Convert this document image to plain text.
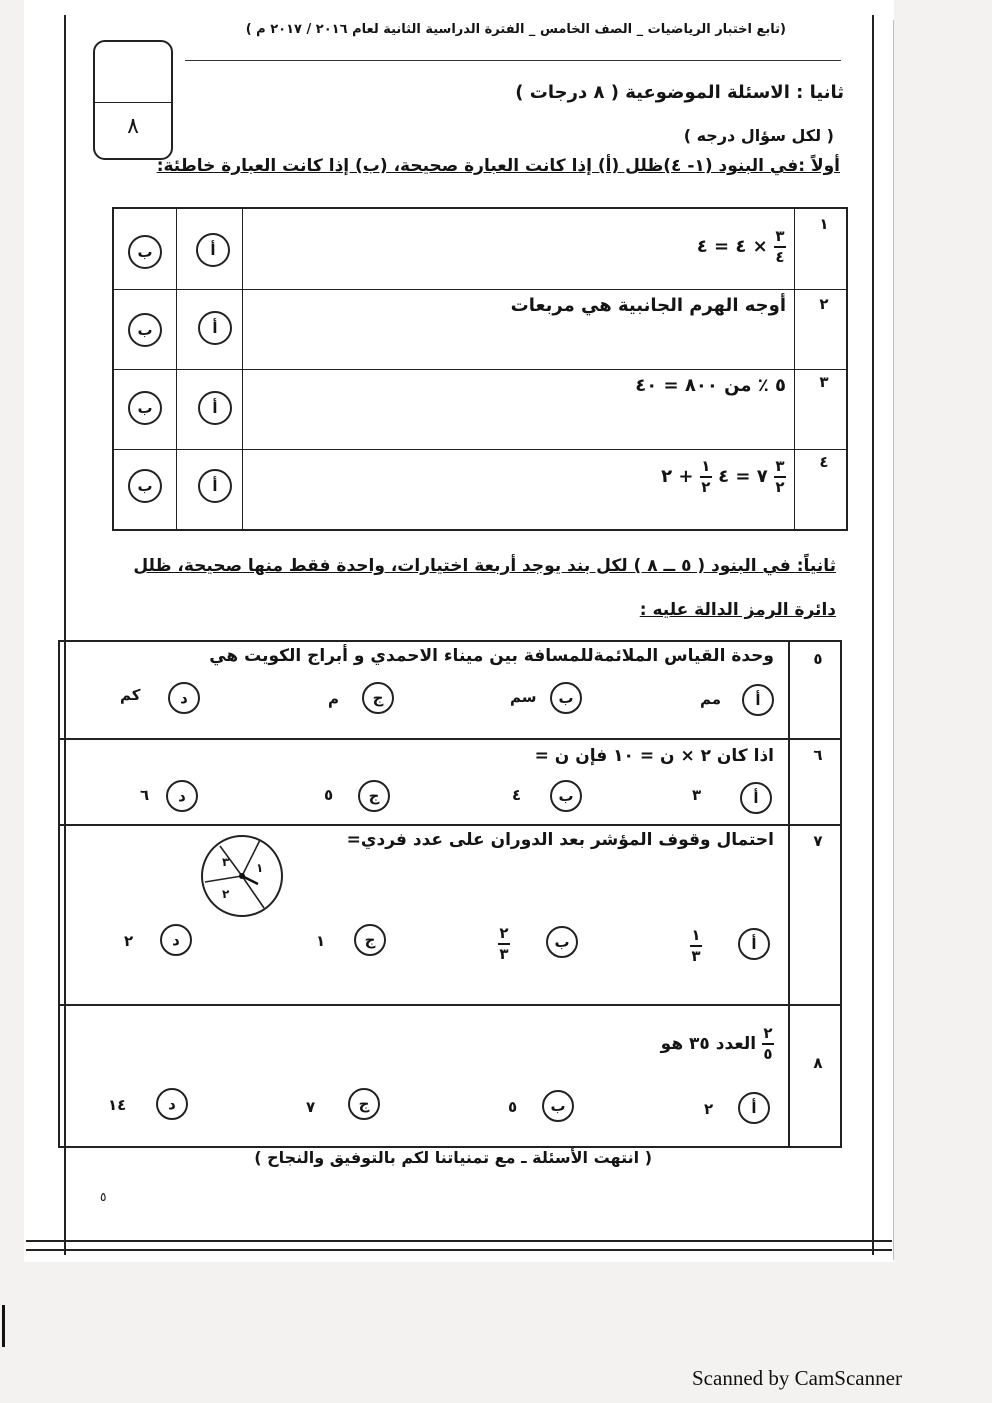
(تابع اختبار الرياضيات _ الصف الخامس _ الفترة الدراسية الثانية لعام ٢٠١٦ / ٢٠١٧ م )
٨
ثانيا : الاسئلة الموضوعية ( ٨ درجات )
( لكل سؤال درجه )
أولاً :في البنود (١- ٤)ظلل (أ) إذا كانت العبارة صحيحة، (ب) إذا كانت العبارة خاطئة:
١
٤ = ٤ × $\frac{٣}{٤}$
أ
ب
٢
أوجه الهرم الجانبية هي مربعات
أ
ب
٣
٥ ٪ من ٨٠٠ = ٤٠
أ
ب
٤
٧ = ٤
$\frac{١}{٢}$
+ ٢	$\frac{٣}{٢}$
أ
ب
ثانياً: في البنود ( ٥ ــ ٨ ) لكل بند يوجد أربعة اختيارات، واحدة فقط منها صحيحة، ظلل
دائرة الرمز الدالة عليه :
٥
وحدة القياس الملائمةللمسافة بين ميناء الاحمدي و أبراج الكويت هي
أ
مم
ب
سم
ج
م
د
كم
٦
اذا كان ٢ × ن = ١٠ فإن ن =
أ
٣
ب
٤
ج
٥
د
٦
٧
احتمال وقوف المؤشر بعد الدوران على عدد فردي=
١
٢
٣
أ
١
٣
ب
٢
٣
ج
١
د
٢
٨
العدد ٣٥ هو $\frac{٢}{٥}$
أ
٢
ب
٥
ج
٧
د
١٤
( انتهت الأسئلة ـ مع تمنياتنا لكم بالتوفيق والنجاح )
٥
Scanned by CamScanner
